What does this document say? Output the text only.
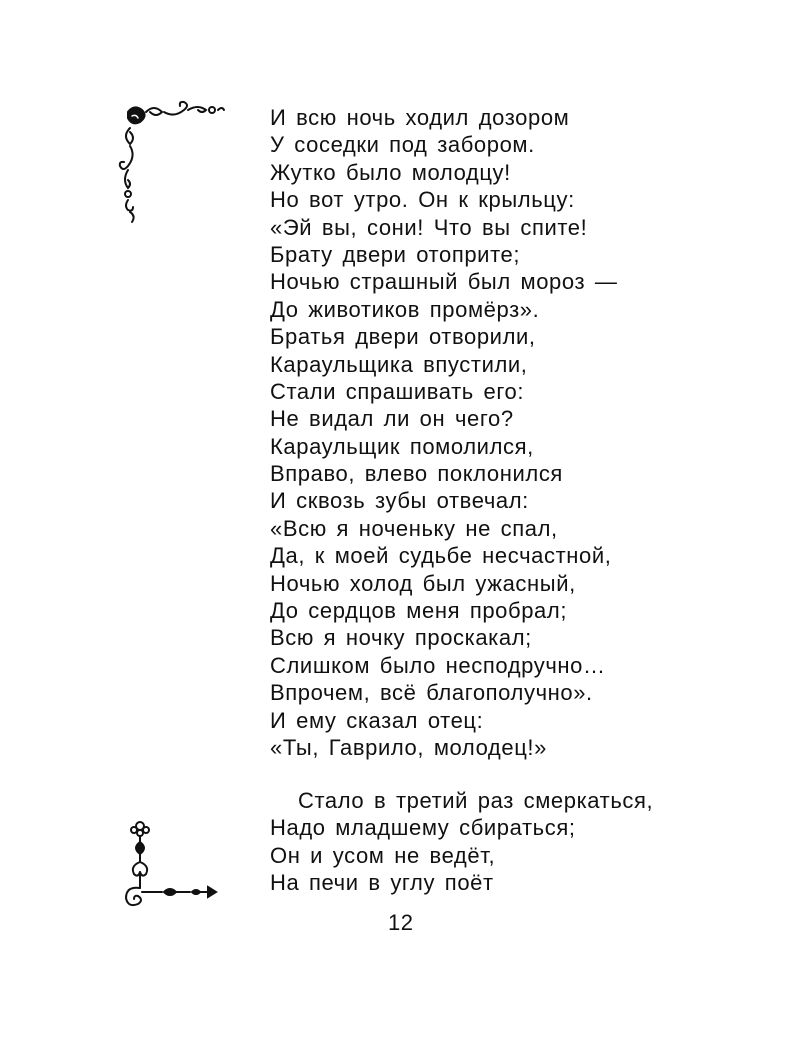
И всю ночь ходил дозором
У соседки под забором.
Жутко было молодцу!
Но вот утро. Он к крыльцу:
«Эй вы, сони! Что вы спите!
Брату двери отоприте;
Ночью страшный был мороз —
До животиков промёрз».
Братья двери отворили,
Караульщика впустили,
Стали спрашивать его:
Не видал ли он чего?
Караульщик помолился,
Вправо, влево поклонился
И сквозь зубы отвечал:
«Всю я ноченьку не спал,
Да, к моей судьбе несчастной,
Ночью холод был ужасный,
До сердцов меня пробрал;
Всю я ночку проскакал;
Слишком было несподручно…
Впрочем, всё благополучно».
И ему сказал отец:
«Ты, Гаврило, молодец!»
Стало в третий раз смеркаться,
Надо младшему сбираться;
Он и усом не ведёт,
На печи в углу поёт
12
